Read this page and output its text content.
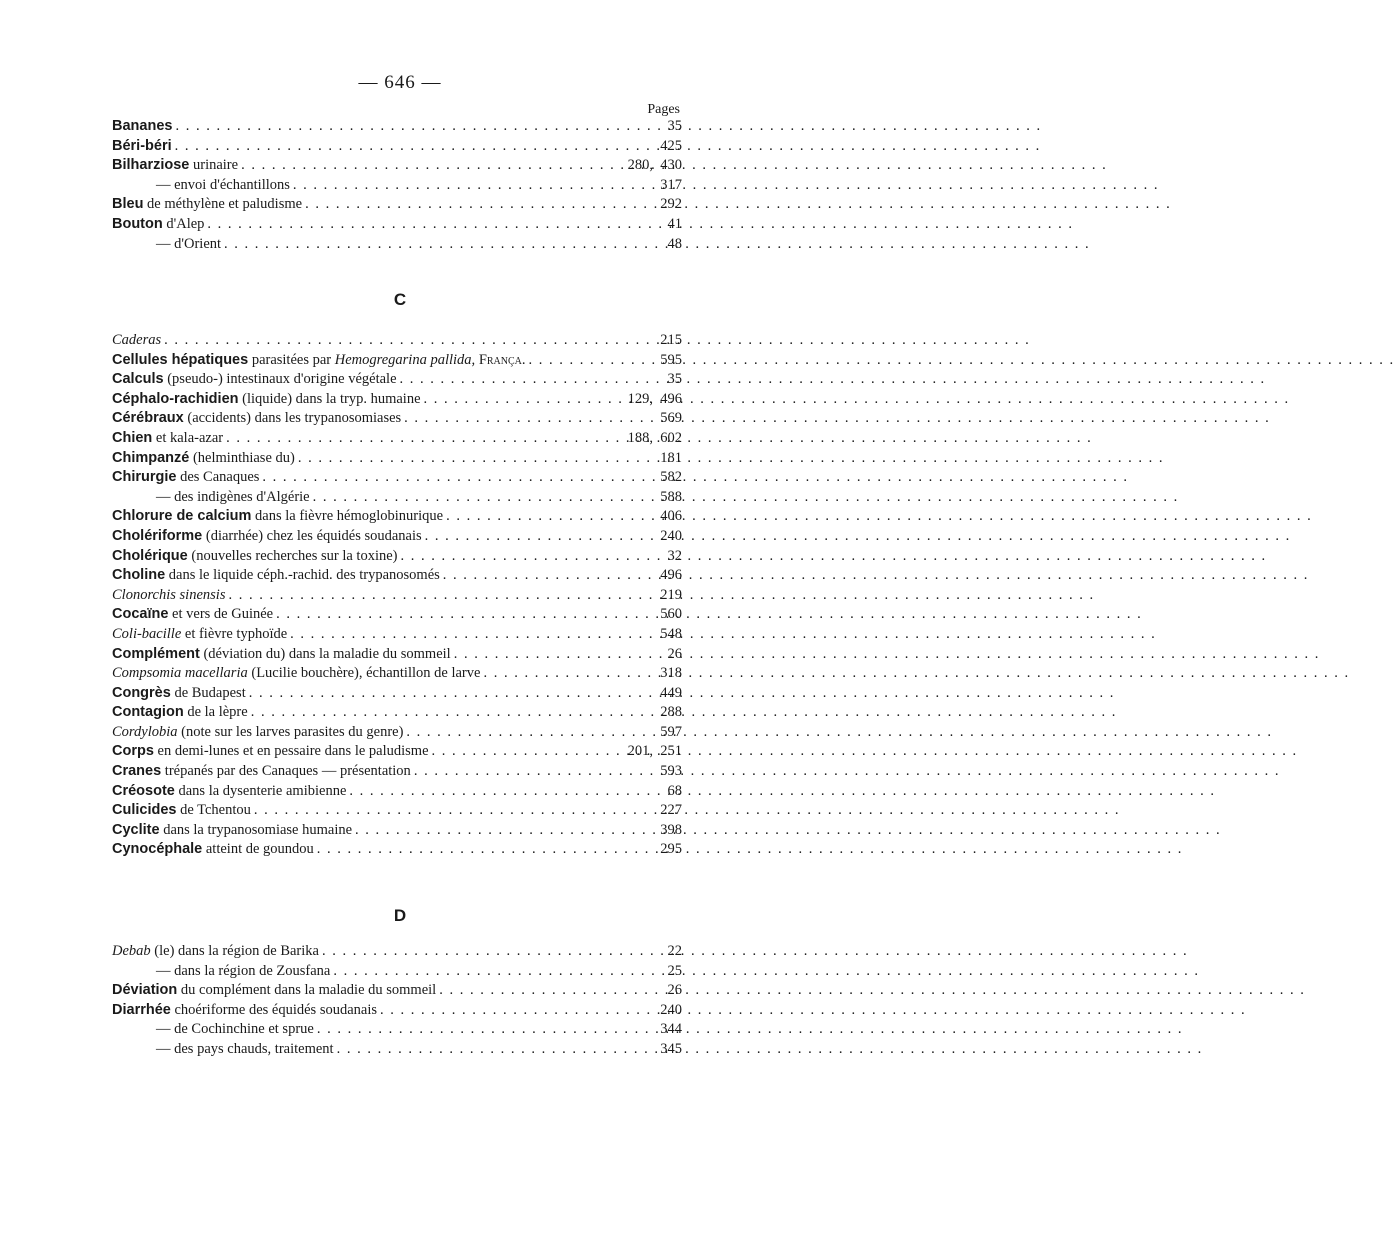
— 646 —
Pages
Bananes . . .	35
Béri-béri . . .	425
Bilharziose urinaire . . .	280,  430
— envoi d'échantillons . . .	317
Bleu de méthylène et paludisme . . .	292
Bouton d'Alep . . .	41
— d'Orient . . .	48
C
Caderas . . .	215
Cellules hépatiques parasitées par Hemogregarina pallida, França. . . .	595
Calculs (pseudo-) intestinaux d'origine végétale . . .	35
Céphalo-rachidien (liquide) dans la tryp. humaine . . .	129,  496
Cérébraux (accidents) dans les trypanosomiases . . .	569
Chien et kala-azar . . .	188,  602
Chimpanzé (helminthiase du) . . .	181
Chirurgie des Canaques . . .	582
— des indigènes d'Algérie . . .	588
Chlorure de calcium dans la fièvre hémoglobinurique . . .	406
Cholériforme (diarrhée) chez les équidés soudanais . . .	240
Cholérique (nouvelles recherches sur la toxine) . . .	32
Choline dans le liquide céph.-rachid. des trypanosomés . . .	496
Clonorchis sinensis . . .	219
Cocaïne et vers de Guinée . . .	560
Coli-bacille et fièvre typhoïde . . .	548
Complément (déviation du) dans la maladie du sommeil . . .	26
Compsomia macellaria (Lucilie bouchère), échantillon de larve . . .	318
Congrès de Budapest . . .	449
Contagion de la lèpre . . .	288
Cordylobia (note sur les larves parasites du genre) . . .	597
Corps en demi-lunes et en pessaire dans le paludisme . . .	201,  251
Cranes trépanés par des Canaques — présentation . . .	593
Créosote dans la dysenterie amibienne . . .	68
Culicides de Tchentou . . .	227
Cyclite dans la trypanosomiase humaine . . .	398
Cynocéphale atteint de goundou . . .	295
D
Debab (le) dans la région de Barika . . .	22
— dans la région de Zousfana . . .	25
Déviation du complément dans la maladie du sommeil . . .	26
Diarrhée choériforme des équidés soudanais . . .	240
— de Cochinchine et sprue . . .	344
— des pays chauds, traitement . . .	345
